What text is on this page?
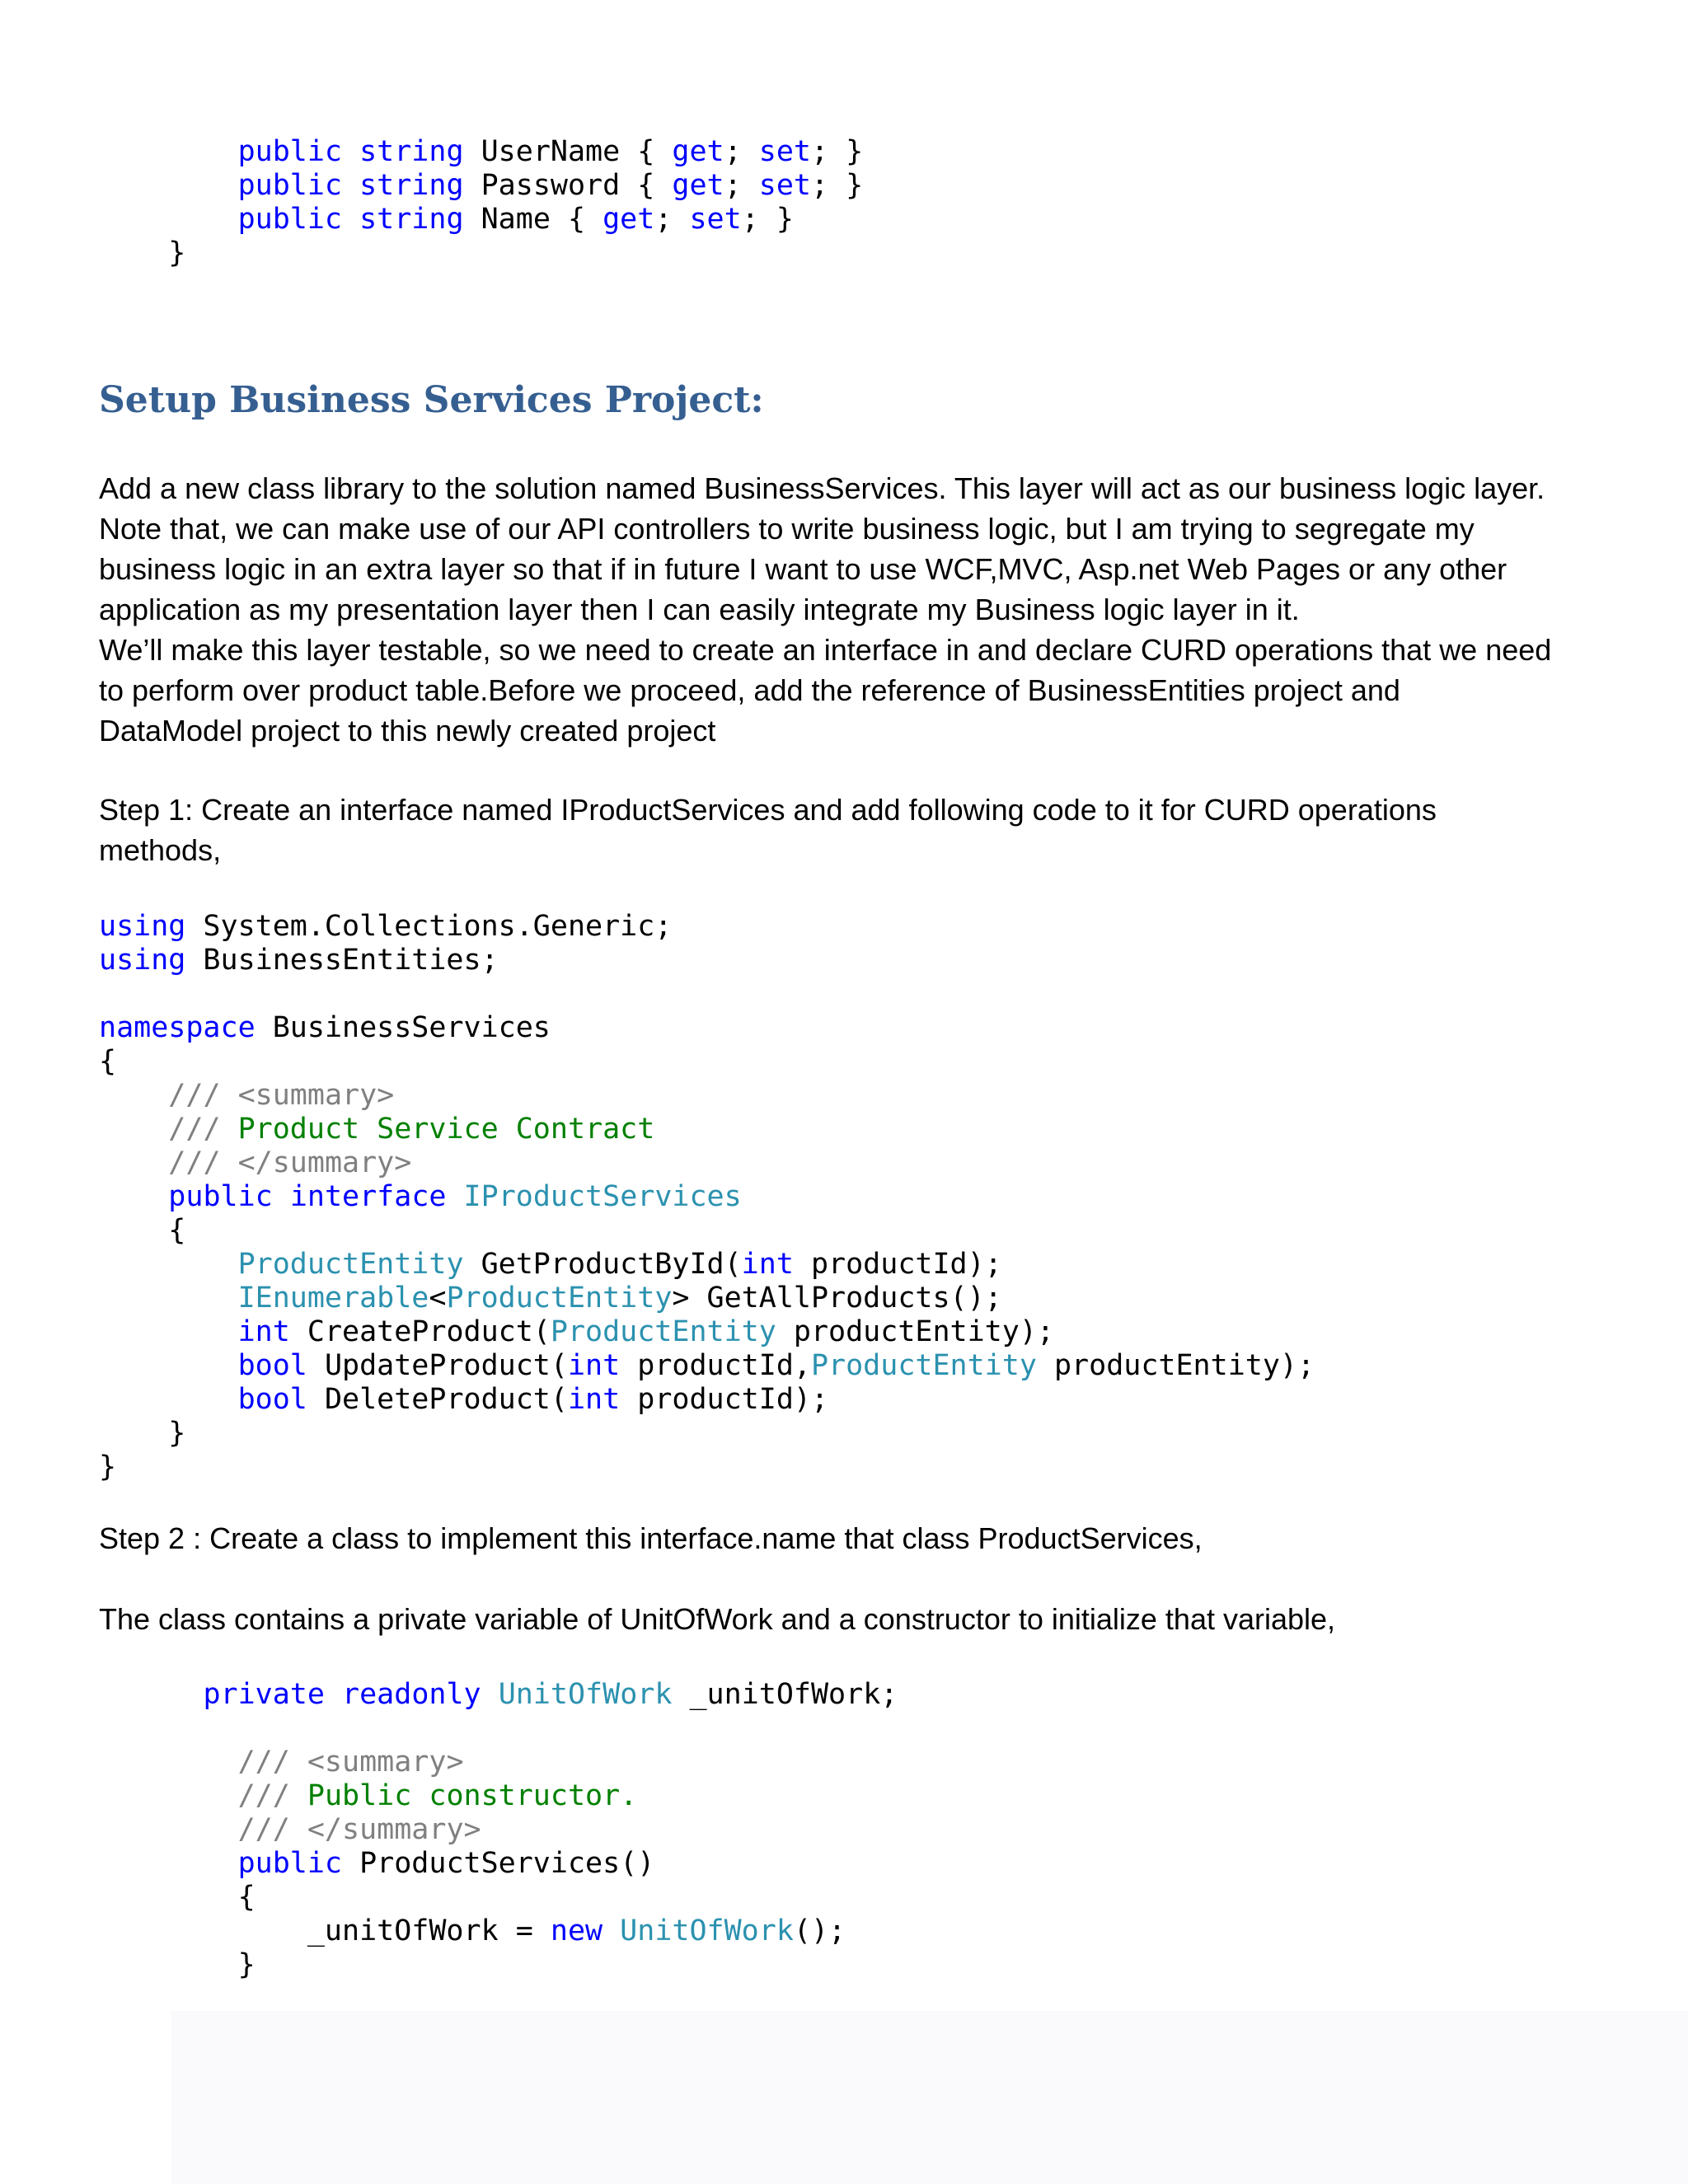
public string UserName { get; set; }
public string Password { get; set; }
public string Name { get; set; }
}
Setup Business Services Project:

Add a new class library to the solution named BusinessServices. This layer will act as our business logic layer.
Note that, we can make use of our API controllers to write business logic, but I am trying to segregate my
business logic in an extra layer so that if in future I want to use WCF,MVC, Asp.net Web Pages or any other
application as my presentation layer then I can easily integrate my Business logic layer in it.
We’ll make this layer testable, so we need to create an interface in and declare CURD operations that we need
to perform over product table.Before we proceed, add the reference of BusinessEntities project and
DataModel project to this newly created project

Step 1: Create an interface named IProductServices and add following code to it for CURD operations
methods,

using System.Collections.Generic;
using BusinessEntities;
namespace BusinessServices
{
/// <summary>
/// Product Service Contract
/// </summary>
public interface IProductServices
{
ProductEntity GetProductById(int productId);
IEnumerable<ProductEntity> GetAllProducts();
int CreateProduct(ProductEntity productEntity);
bool UpdateProduct(int productId,ProductEntity productEntity);
bool DeleteProduct(int productId);
}
}

Step 2 : Create a class to implement this interface.name that class ProductServices,

The class contains a private variable of UnitOfWork and a constructor to initialize that variable,

private readonly UnitOfWork _unitOfWork;
/// <summary>
/// Public constructor.
/// </summary>
public ProductServices()
{
_unitOfWork = new UnitOfWork();
}
